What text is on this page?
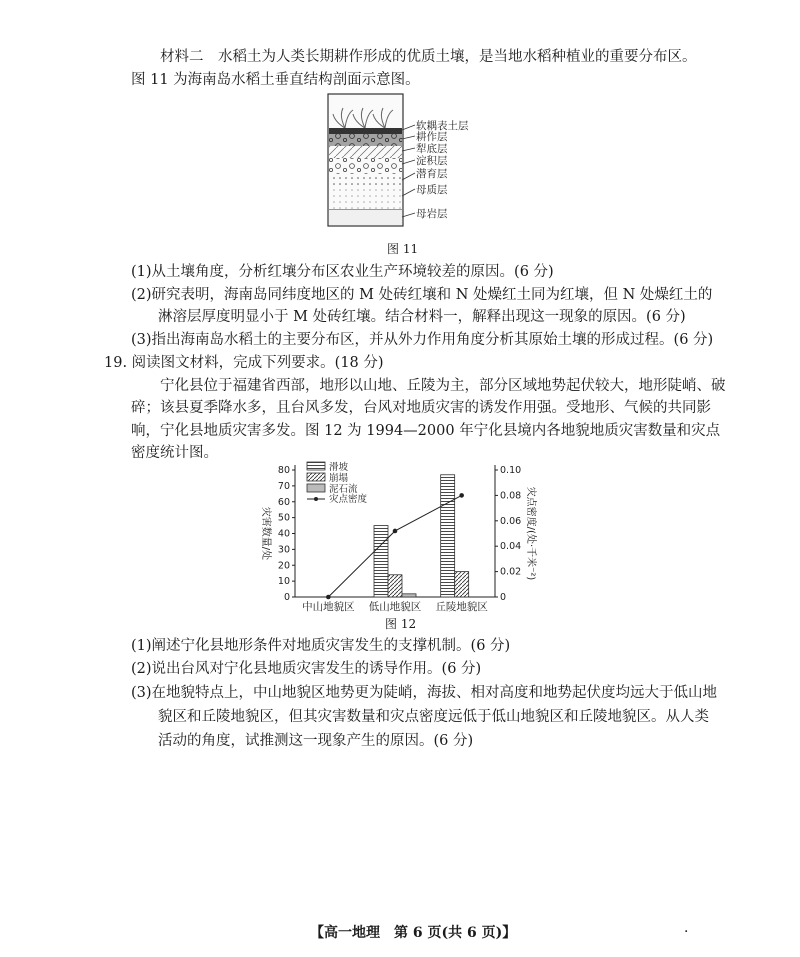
材料二　水稻土为人类长期耕作形成的优质土壤，是当地水稻种植业的重要分布区。
图 11 为海南岛水稻土垂直结构剖面示意图。
软耦表土层
耕作层
犁底层
淀积层
潜育层
母质层
母岩层
图 11
(1)从土壤角度，分析红壤分布区农业生产环境较差的原因。(6 分)
(2)研究表明，海南岛同纬度地区的 M 处砖红壤和 N 处燥红土同为红壤，但 N 处燥红土的
淋溶层厚度明显小于 M 处砖红壤。结合材料一，解释出现这一现象的原因。(6 分)
(3)指出海南岛水稻土的主要分布区，并从外力作用角度分析其原始土壤的形成过程。(6 分)
19. 阅读图文材料，完成下列要求。(18 分)
宁化县位于福建省西部，地形以山地、丘陵为主，部分区域地势起伏较大，地形陡峭、破
碎；该县夏季降水多，且台风多发，台风对地质灾害的诱发作用强。受地形、气候的共同影
响，宁化县地质灾害多发。图 12 为 1994—2000 年宁化县境内各地貌地质灾害数量和灾点
密度统计图。
0
10
20
30
40
50
60
70
80
0
0.02
0.04
0.06
0.08
0.10
灾害数量/处	灾点密度/(处·千米⁻²)
中山地貌区 低山地貌区 丘陵地貌区
滑坡
崩塌
泥石流
灾点密度
图 12
(1)阐述宁化县地形条件对地质灾害发生的支撑机制。(6 分)
(2)说出台风对宁化县地质灾害发生的诱导作用。(6 分)
(3)在地貌特点上，中山地貌区地势更为陡峭，海拔、相对高度和地势起伏度均远大于低山地
貌区和丘陵地貌区，但其灾害数量和灾点密度远低于低山地貌区和丘陵地貌区。从人类
活动的角度，试推测这一现象产生的原因。(6 分)
【高一地理　第 6 页(共 6 页)】	·
